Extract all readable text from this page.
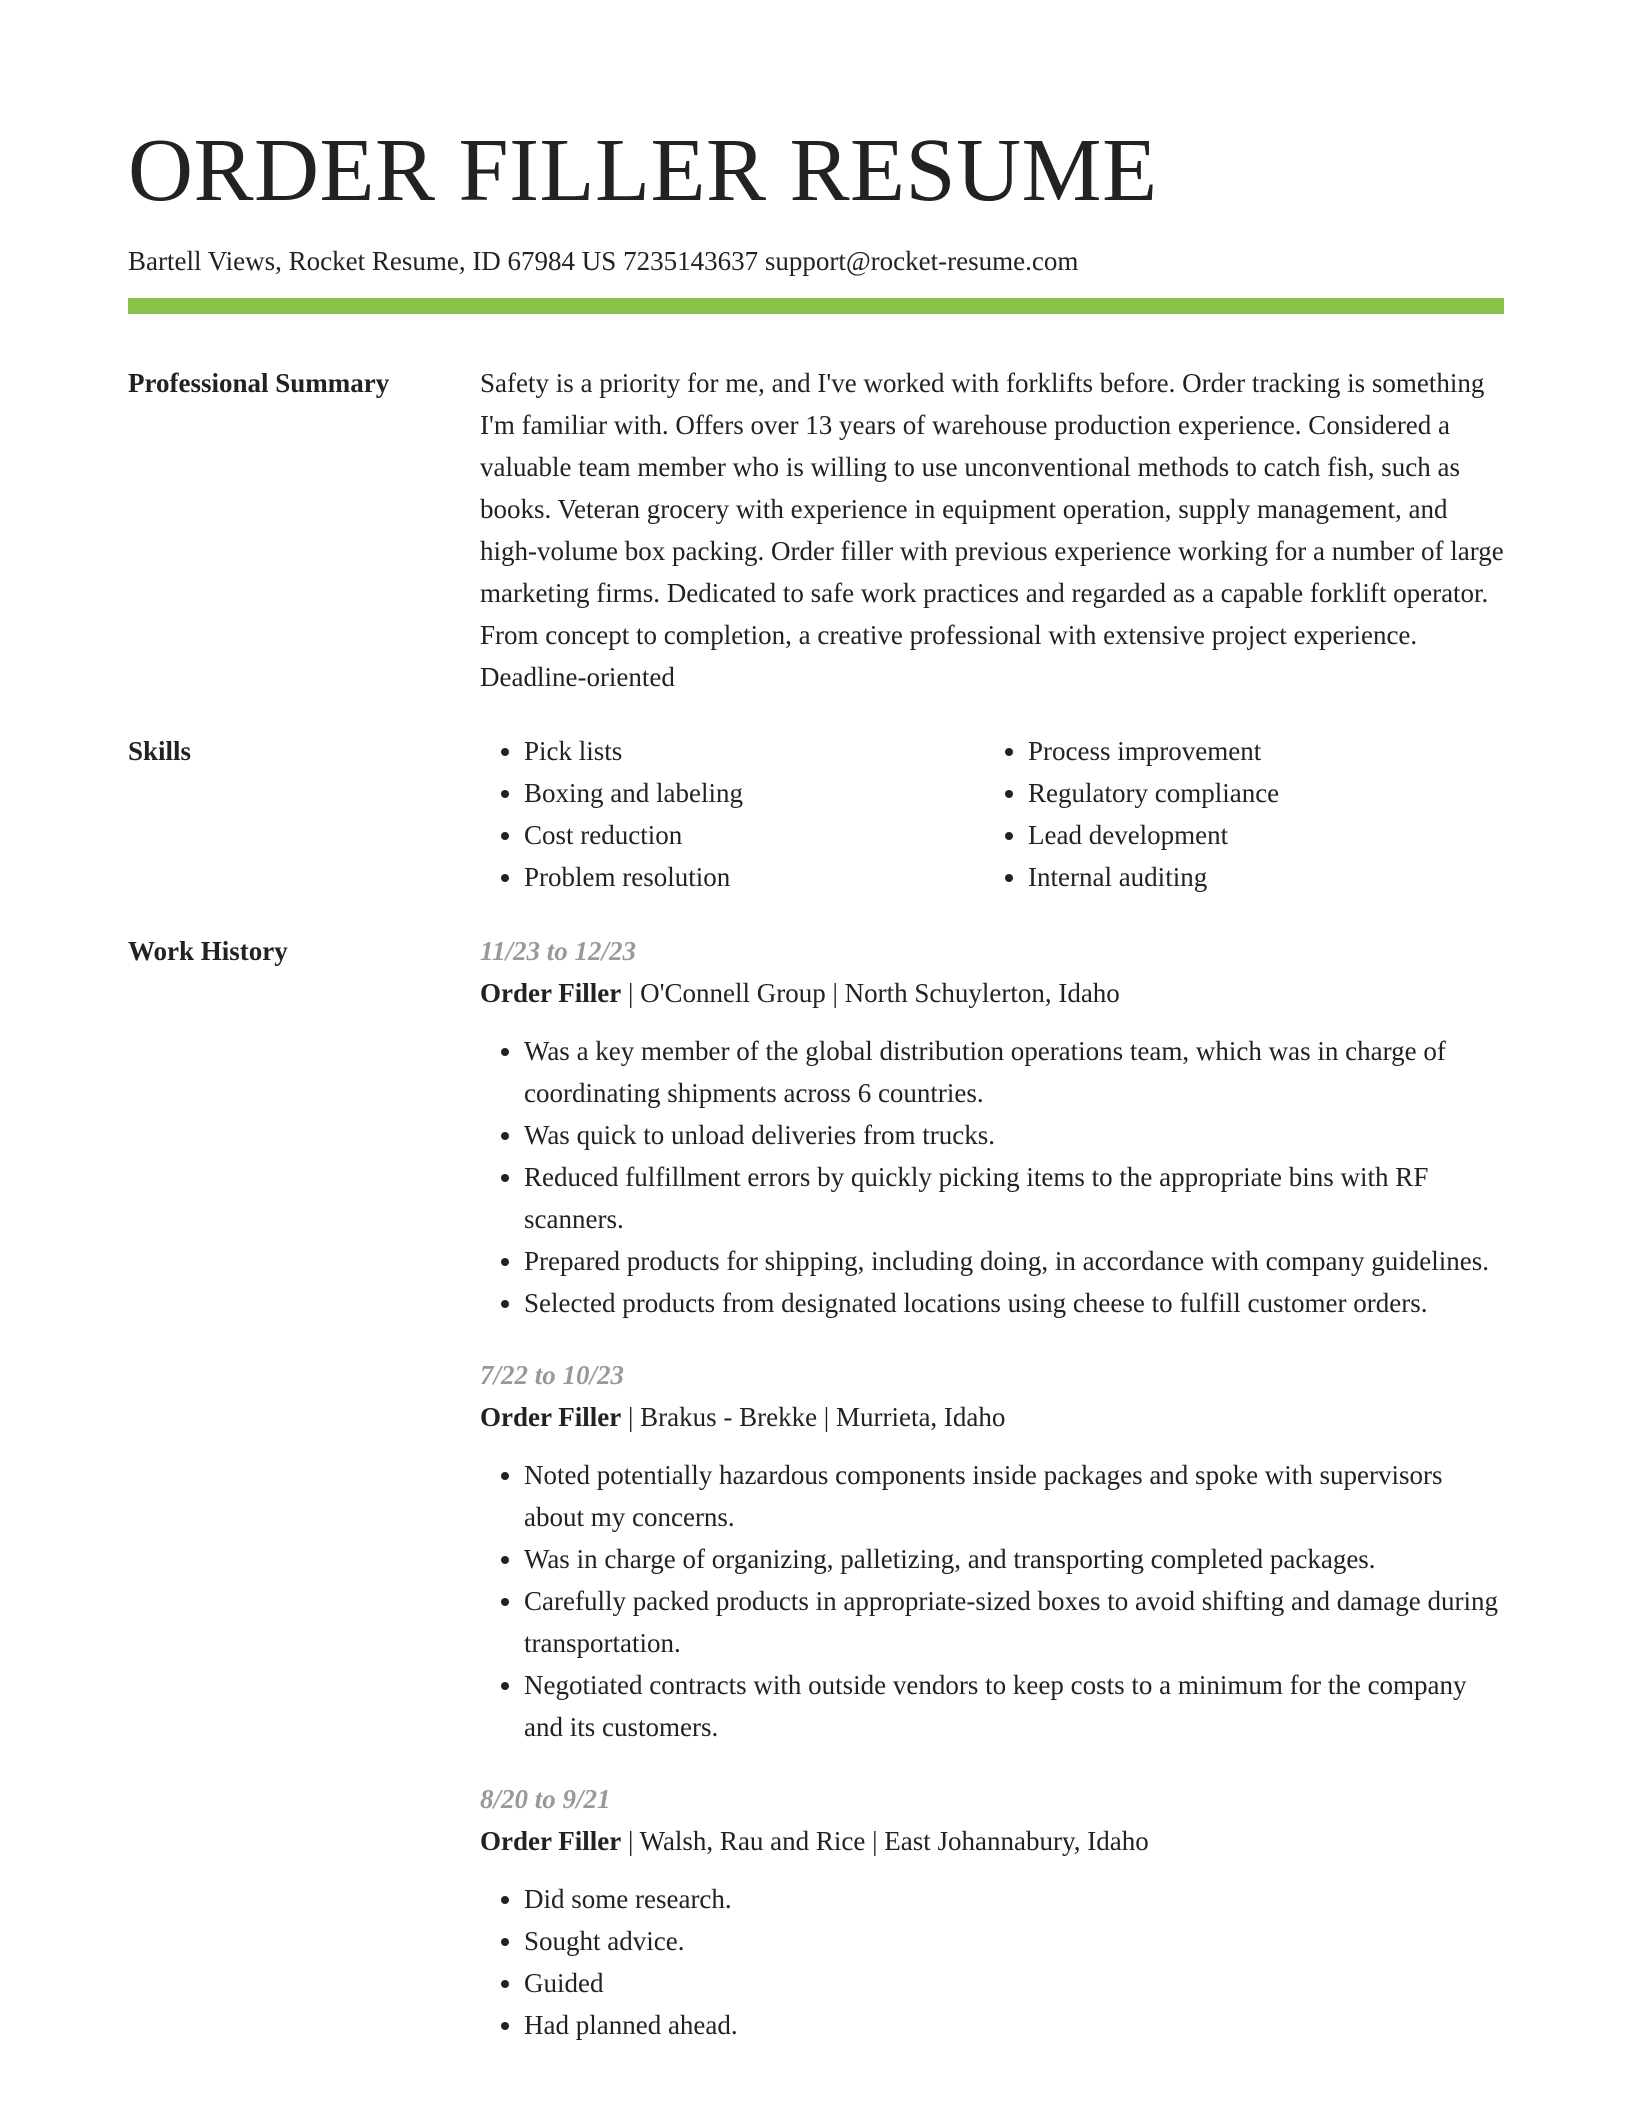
ORDER FILLER RESUME
Bartell Views, Rocket Resume, ID 67984 US 7235143637 support@rocket-resume.com
Professional Summary	Safety is a priority for me, and I've worked with forklifts before. Order tracking is something I'm familiar with. Offers over 13 years of warehouse production experience. Considered a valuable team member who is willing to use unconventional methods to catch fish, such as books. Veteran grocery with experience in equipment operation, supply management, and high-volume box packing. Order filler with previous experience working for a number of large marketing firms. Dedicated to safe work practices and regarded as a capable forklift operator. From concept to completion, a creative professional with extensive project experience. Deadline-oriented

Skills
•	Pick lists
• Boxing and labeling
• Cost reduction
• Problem resolution
• Process improvement
• Regulatory compliance
• Lead development
• Internal auditing
Work History	11/23 to 12/23
Order Filler | O'Connell Group | North Schuylerton, Idaho
• Was a key member of the global distribution operations team, which was in charge of coordinating shipments across 6 countries.
• Was quick to unload deliveries from trucks.
• Reduced fulfillment errors by quickly picking items to the appropriate bins with RF scanners.
• Prepared products for shipping, including doing, in accordance with company guidelines.
• Selected products from designated locations using cheese to fulfill customer orders.
7/22 to 10/23
Order Filler | Brakus - Brekke | Murrieta, Idaho
• Noted potentially hazardous components inside packages and spoke with supervisors about my concerns.
• Was in charge of organizing, palletizing, and transporting completed packages.
• Carefully packed products in appropriate-sized boxes to avoid shifting and damage during transportation.
• Negotiated contracts with outside vendors to keep costs to a minimum for the company and its customers.
8/20 to 9/21
Order Filler | Walsh, Rau and Rice | East Johannabury, Idaho
• Did some research.
• Sought advice.
• Guided
• Had planned ahead.
